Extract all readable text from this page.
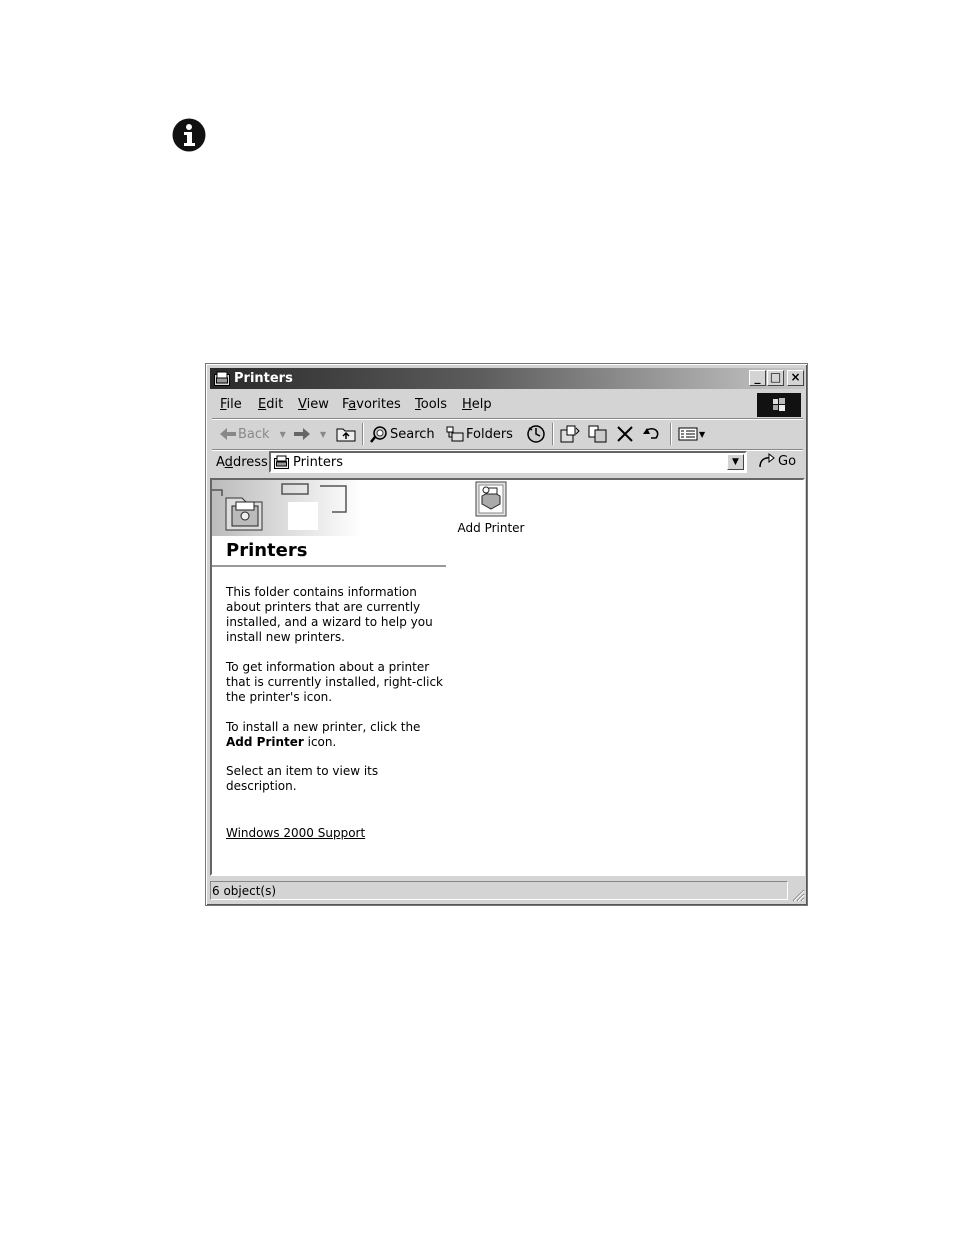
Printers	_ □ ×
File Edit View Favorites Tools Help
Back ▼	▼	Search Folders	▼
Address Printers	▼	Go
Printers
This folder contains information about printers that are currently installed, and a wizard to help you install new printers.
To get information about a printer that is currently installed, right-click the printer's icon.
To install a new printer, click the Add Printer icon.
Select an item to view its description.
Windows 2000 Support
Add Printer
6 object(s)
